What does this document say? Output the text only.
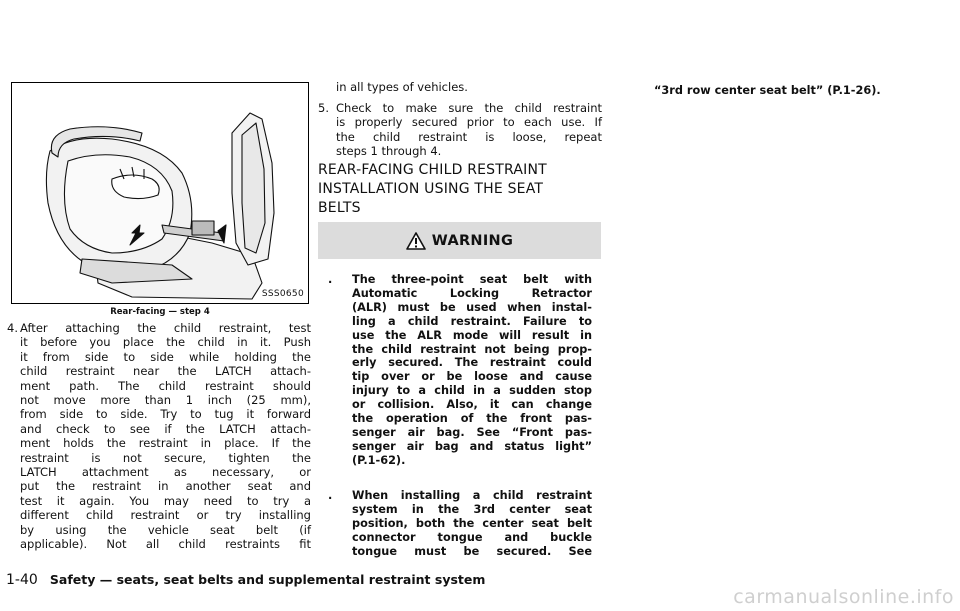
SSS0650
Rear-facing — step 4
4. After attaching the child restraint, test
it before you place the child in it. Push
it from side to side while holding the
child restraint near the LATCH attach-
ment path. The child restraint should
not move more than 1 inch (25 mm),
from side to side. Try to tug it forward
and check to see if the LATCH attach-
ment holds the restraint in place. If the
restraint is not secure, tighten the
LATCH attachment as necessary, or
put the restraint in another seat and
test it again. You may need to try a
different child restraint or try installing
by using the vehicle seat belt (if
applicable). Not all child restraints fit
in all types of vehicles.
5. Check to make sure the child restraint
is properly secured prior to each use. If
the child restraint is loose, repeat
steps 1 through 4.
REAR-FACING CHILD RESTRAINT
INSTALLATION USING THE SEAT
BELTS
WARNING
. The three-point seat belt with
Automatic Locking Retractor
(ALR) must be used when instal-
ling a child restraint. Failure to
use the ALR mode will result in
the child restraint not being prop-
erly secured. The restraint could
tip over or be loose and cause
injury to a child in a sudden stop
or collision. Also, it can change
the operation of the front pas-
senger air bag. See “Front pas-
senger air bag and status light”
(P.1-62).
. When installing a child restraint
system in the 3rd center seat
position, both the center seat belt
connector tongue and buckle
tongue must be secured. See
“3rd row center seat belt” (P.1-26).
1-40 Safety — seats, seat belts and supplemental restraint system
carmanualsonline.info
